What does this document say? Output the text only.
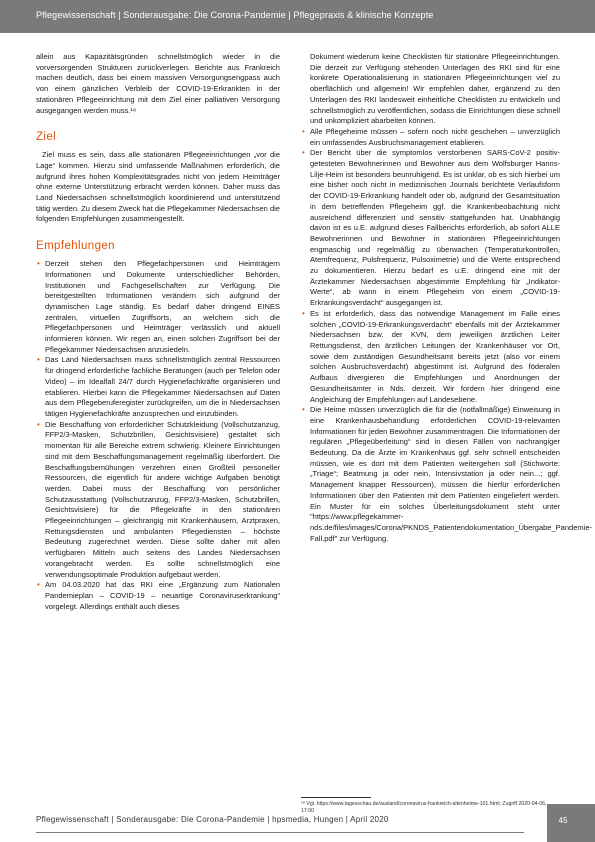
Pflegewissenschaft | Sonderausgabe: Die Corona-Pandemie | Pflegepraxis & klinische Konzepte

allein aus Kapazitätsgründen schnellstmöglich wieder in die vorversorgenden Strukturen zurückverlegen. Berichte aus Frankreich machen deutlich, dass bei einem massiven Versorgungsengpass auch von einem gänzlichen Verbleib der COVID-19-Erkrankten in der stationären Pflegeeinrichtung mit dem Ziel einer palliativen Versorgung ausgegangen werden muss.¹⁸

Ziel

Ziel muss es sein, dass alle stationären Pflegeeinrichtungen „vor die Lage“ kommen. Hierzu sind umfassende Maßnahmen erforderlich, die aufgrund ihres hohen Komplexitätsgrades nicht von jedem Heimträger ohne externe Unterstützung erbracht werden können. Daher muss das Land Niedersachsen schnellstmöglich koordinierend und unterstützend tätig werden. Zu diesem Zweck hat die Pflegekammer Niedersachsen die folgenden Empfehlungen zusammengestellt.

Empfehlungen
• Derzeit stehen den Pflegefachpersonen und Heimträgern Informationen und Dokumente unterschiedlicher Behörden, Institutionen und Fachgesellschaften zur Verfügung. Die bereitgestellten Informationen verändern sich aufgrund der dynamischen Lage ständig. Es bedarf daher dringend EINES zentralen, virtuellen Zugriffsorts, an welchem sich die Pflegefachpersonen und Heimträger verlässlich und aktuell informieren können. Wir regen an, einen solchen Zugriffsort bei der Pflegekammer Niedersachsen anzusiedeln.
• Das Land Niedersachsen muss schnellstmöglich zentral Ressourcen für dringend erforderliche fachliche Beratungen (auch per Telefon oder Video) – im Idealfall 24/7 durch Hygienefachkräfte organisieren und etablieren. Hierbei kann die Pflegekammer Niedersachsen auf Daten aus dem Pflegeberuferegister zurückgreifen, um die in Niedersachsen tätigen Hygienefachkräfte anzusprechen und einzubinden.
• Die Beschaffung von erforderlicher Schutzkleidung (Vollschutzanzug, FFP2/3-Masken, Schutzbrillen, Gesichtsvisiere) gestaltet sich momentan für alle Bereiche extrem schwierig. Kleinere Einrichtungen sind mit dem Beschaffungsmanagement regelmäßig überfordert. Die Beschaffungsbemühungen verzehren einen Großteil personeller Ressourcen, die eigentlich für andere wichtige Aufgaben benötigt werden. Dabei muss der Beschaffung von persönlicher Schutzausstattung (Vollschutzanzug, FFP2/3-Masken, Schutzbrillen, Gesichtsvisiere) für die Pflegekräfte in den stationären Pflegeeinrichtungen – gleichrangig mit Krankenhäusern, Arztpraxen, Rettungsdiensten und ambulanten Pflegediensten – höchste Bedeutung zugerechnet werden. Diese sollte daher mit allen verfügbaren Mitteln auch seitens des Landes Niedersachsen vorangebracht werden. Es sollte schnellstmöglich eine verwendungsoptimale Produktion aufgebaut werden.
• Am 04.03.2020 hat das RKI eine „Ergänzung zum Nationalen Pandemieplan – COVID-19 – neuartige Coronaviruserkrankung“ vorgelegt. Allerdings enthält auch dieses

Dokument wiederum keine Checklisten für stationäre Pflegeeinrichtungen. Die derzeit zur Verfügung stehenden Unterlagen des RKI sind für eine konkrete Operationalisierung in stationären Pflegeeinrichtungen viel zu oberflächlich und allgemein! Wir empfehlen daher, ergänzend zu den Unterlagen des RKI landesweit einheitliche Checklisten zu entwickeln und schnellstmöglich zu veröffentlichen, sodass die Einrichtungen diese schnell und unkompliziert abarbeiten können.

• Alle Pflegeheime müssen – sofern noch nicht geschehen – unverzüglich ein umfassendes Ausbruchsmanagement etablieren.
• Der Bericht über die symptomlos verstorbenen SARS-CoV-2 positiv-getesteten Bewohnerinnen und Bewohner aus dem Wolfsburger Hanns-Lilje-Heim ist besonders beunruhigend. Es ist unklar, ob es sich hierbei um eine bisher noch nicht in medizinischen Journals berichtete Verlaufsform der COVID-19-Erkrankung handelt oder ob, aufgrund der Gesamtsituation in dem betreffenden Pflegeheim ggf. die Krankenbeobachtung nicht ausreichend differenziert und sensitiv stattgefunden hat. Unabhängig davon ist es u.E. aufgrund dieses Fallberichts erforderlich, ab sofort ALLE Bewohnerinnen und Bewohner in stationären Pflegeeinrichtungen engmaschig und regelmäßig zu überwachen (Temperaturkontrollen, Atemfrequenz, Pulsfrequenz, Pulsoximetrie) und die Werte entsprechend zu dokumentieren. Hierzu bedarf es u.E. dringend eine mit der Ärztekammer Niedersachsen abgestimmte Empfehlung für „Indikator-Werte“, ab wann in einem Pflegeheim von einem „COVID-19-Erkrankungsverdacht“ ausgegangen ist.
• Es ist erforderlich, dass das notwendige Management im Falle eines solchen „COVID-19-Erkrankungsverdacht“ ebenfalls mit der Ärztekammer Niedersachsen bzw. der KVN, dem jeweiligen ärztlichen Leiter Rettungsdienst, den ärztlichen Leitungen der Krankenhäuser vor Ort, sowie dem zuständigen Gesundheitsamt bereits jetzt (also vor einem solchen Ausbruchsverdacht) abgestimmt ist. Aufgrund des föderalen Aufbaus divergieren die Empfehlungen und Anordnungen der Gesundheitsämter in Nds. derzeit. Wir fordern hier dringend eine Angleichung der Empfehlungen auf Landesebene.
• Die Heime müssen unverzüglich die für die (notfallmäßige) Einweisung in eine Krankenhausbehandlung erforderlichen COVID-19-relevanten Informationen für jeden Bewohner zusammentragen. Die Informationen der regulären „Pflegeüberleitung“ sind in diesen Fällen von nachrangiger Bedeutung. Da die Ärzte im Krankenhaus ggf. sehr schnell entscheiden müssen, wie es dort mit dem Patienten weitergehen soll (Stichworte: „Triage“; Beatmung ja oder nein, Intensivstation ja oder nein...; ggf. Management knapper Ressourcen), müssen die hierfür erforderlichen Informationen über den Patienten mit dem Patienten eingeliefert werden. Ein Muster für ein solches Überleitungsdokument steht unter "https://www.pflegekammer-nds.de/files/images/Corona/PKNDS_Patientendokumentation_Übergabe_Pandemie-Fall.pdf" zur Verfügung.
¹⁸ Vgl. https://www.tagesschau.de/ausland/coronavirus-frankreich-altenheime-101.html; Zugriff 2020-04-06, 17:00
Pflegewissenschaft | Sonderausgabe: Die Corona-Pandemie | hpsmedia, Hungen | April 2020	45
